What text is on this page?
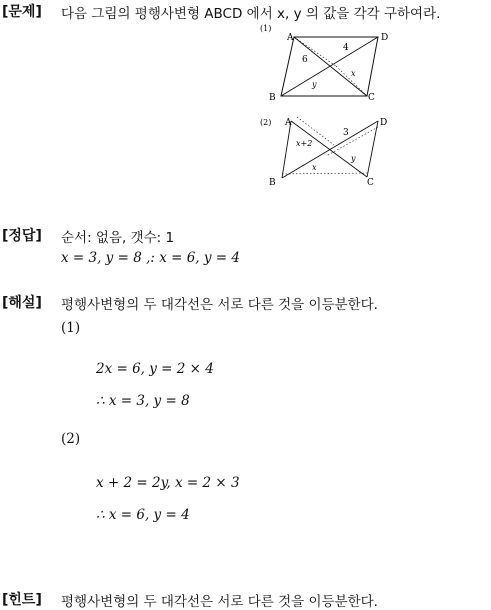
[문제] 다음 그림의 평행사변형 ABCD 에서 x, y 의 값을 각각 구하여라.
(1)
A	D
B	C
4
6
x
y
(2) A	D
B	C
3
x+2
y
x
[정답] 순서: 없음, 갯수: 1
x = 3, y = 8 ,: x = 6, y = 4
[해설] 평행사변형의 두 대각선은 서로 다른 것을 이등분한다.
(1)
2x = 6, y = 2 × 4
∴ x = 3, y = 8
(2)
x + 2 = 2y, x = 2 × 3
∴ x = 6, y = 4
[힌트] 평행사변형의 두 대각선은 서로 다른 것을 이등분한다.
